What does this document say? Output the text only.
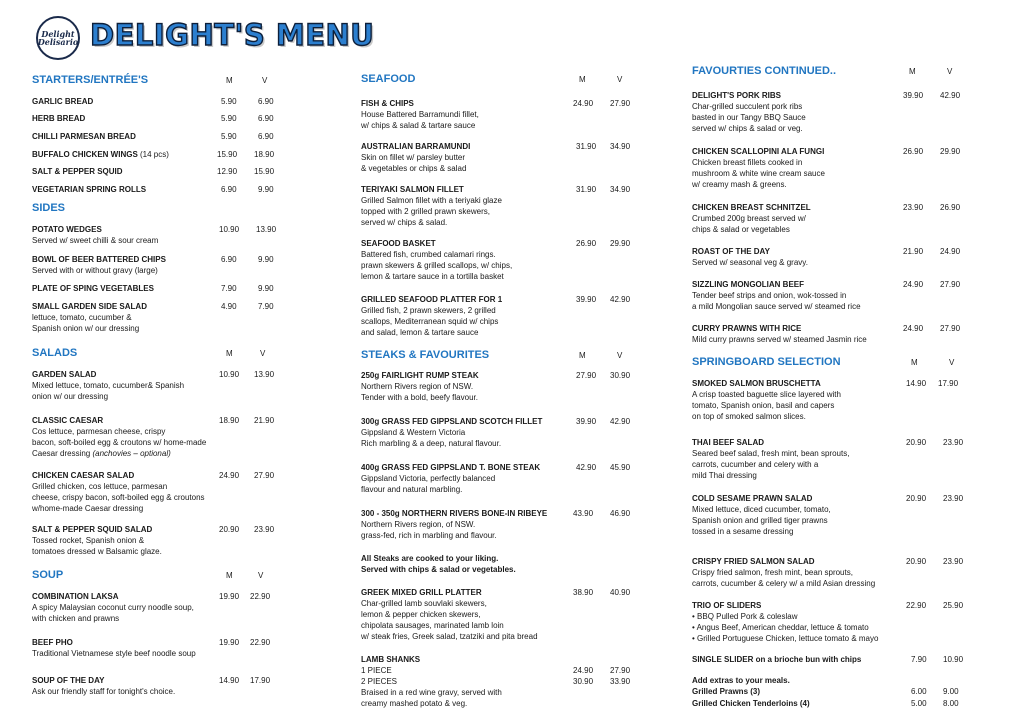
Delight Delisario DELIGHT'S MENU
STARTERS/ENTRÉE'S	M	V
GARLIC BREAD	5.90	6.90
HERB BREAD	5.90	6.90
CHILLI PARMESAN BREAD	5.90	6.90
BUFFALO CHICKEN WINGS (14 pcs)	15.90 18.90
SALT & PEPPER SQUID	12.90 15.90
VEGETARIAN SPRING ROLLS	6.90	9.90
SIDES
POTATO WEDGES
Served w/ sweet chilli & sour cream
10.90 13.90
BOWL OF BEER BATTERED CHIPS
Served with or without gravy (large)
6.90	9.90
PLATE OF SPING VEGETABLES	7.90	9.90
SMALL GARDEN SIDE SALAD
lettuce, tomato, cucumber &
Spanish onion w/ our dressing
4.90	7.90
SALADS	M	V
GARDEN SALAD
Mixed lettuce, tomato, cucumber& Spanish
onion w/ our dressing
10.90 13.90
CLASSIC CAESAR
Cos lettuce, parmesan cheese, crispy
bacon, soft-boiled egg & croutons w/ home-made
Caesar dressing (anchovies – optional)
18.90 21.90
CHICKEN CAESAR SALAD
Grilled chicken, cos lettuce, parmesan
cheese, crispy bacon, soft-boiled egg & croutons
w/home-made Caesar dressing
24.90 27.90
SALT & PEPPER SQUID SALAD
Tossed rocket, Spanish onion &
tomatoes dressed w Balsamic glaze.
20.90 23.90
SOUP	M	V
COMBINATION LAKSA
A spicy Malaysian coconut curry noodle soup,
with chicken and prawns
19.90 22.90
BEEF PHO
Traditional Vietnamese style beef noodle soup
19.90 22.90
SOUP OF THE DAY
Ask our friendly staff for tonight's choice.
14.90 17.90
SEAFOOD	M	V
FISH & CHIPS
House Battered Barramundi fillet,
w/ chips & salad & tartare sauce
24.90 27.90
AUSTRALIAN BARRAMUNDI
Skin on fillet w/ parsley butter
& vegetables or chips & salad
31.90 34.90
TERIYAKI SALMON FILLET
Grilled Salmon fillet with a teriyaki glaze
topped with 2 grilled prawn skewers,
served w/ chips & salad.
31.90 34.90
SEAFOOD BASKET
Battered fish, crumbed calamari rings.
prawn skewers & grilled scallops, w/ chips,
lemon & tartare sauce in a tortilla basket
26.90 29.90
GRILLED SEAFOOD PLATTER FOR 1
Grilled fish, 2 prawn skewers, 2 grilled
scallops, Mediterranean squid w/ chips
and salad, lemon & tartare sauce
39.90 42.90
STEAKS & FAVOURITES	M	V
250g FAIRLIGHT RUMP STEAK
Northern Rivers region of NSW.
Tender with a bold, beefy flavour.
27.90 30.90
300g GRASS FED GIPPSLAND SCOTCH FILLET
Gippsland & Western Victoria
Rich marbling & a deep, natural flavour.
39.90 42.90
400g GRASS FED GIPPSLAND T. BONE STEAK
Gippsland Victoria, perfectly balanced
flavour and natural marbling.
42.90 45.90
300 - 350g NORTHERN RIVERS BONE-IN RIBEYE
Northern Rivers region, of NSW.
grass-fed, rich in marbling and flavour.
43.90 46.90
All Steaks are cooked to your liking.
Served with chips & salad or vegetables.
GREEK MIXED GRILL PLATTER
Char-grilled lamb souvlaki skewers,
lemon & pepper chicken skewers,
chipolata sausages, marinated lamb loin
w/ steak fries, Greek salad, tzatziki and pita bread
38.90 40.90
LAMB SHANKS
1 PIECE
2 PIECES
Braised in a red wine gravy, served with
creamy mashed potato & veg.
24.90 27.90
30.90 33.90
FAVOURTIES CONTINUED..	M	V
DELIGHT'S PORK RIBS
Char-grilled succulent pork ribs
basted in our Tangy BBQ Sauce
served w/ chips & salad or veg.
39.90 42.90
CHICKEN SCALLOPINI ALA FUNGI
Chicken breast fillets cooked in
mushroom & white wine cream sauce
w/ creamy mash & greens.
26.90 29.90
CHICKEN BREAST SCHNITZEL
Crumbed 200g breast served w/
chips & salad or vegetables
23.90 26.90
ROAST OF THE DAY
Served w/ seasonal veg & gravy.
21.90 24.90
SIZZLING MONGOLIAN BEEF
Tender beef strips and onion, wok-tossed in
a mild Mongolian sauce served w/ steamed rice
24.90 27.90
CURRY PRAWNS WITH RICE
Mild curry prawns served w/ steamed Jasmin rice
24.90 27.90
SPRINGBOARD SELECTION	M	V
SMOKED SALMON BRUSCHETTA
A crisp toasted baguette slice layered with
tomato, Spanish onion, basil and capers
on top of smoked salmon slices.
14.90 17.90
THAI BEEF SALAD
Seared beef salad, fresh mint, bean sprouts,
carrots, cucumber and celery with a
mild Thai dressing
20.90 23.90
COLD SESAME PRAWN SALAD
Mixed lettuce, diced cucumber, tomato,
Spanish onion and grilled tiger prawns
tossed in a sesame dressing
20.90 23.90
CRISPY FRIED SALMON SALAD
Crispy fried salmon, fresh mint, bean sprouts,
carrots, cucumber & celery w/ a mild Asian dressing
20.90 23.90
TRIO OF SLIDERS
• BBQ Pulled Pork & coleslaw
• Angus Beef, American cheddar, lettuce & tomato
• Grilled Portuguese Chicken, lettuce tomato & mayo
22.90 25.90
SINGLE SLIDER on a brioche bun with chips	7.90 10.90
Add extras to your meals.
Grilled Prawns (3)	6.00 9.00
Grilled Chicken Tenderloins (4)	5.00 8.00
